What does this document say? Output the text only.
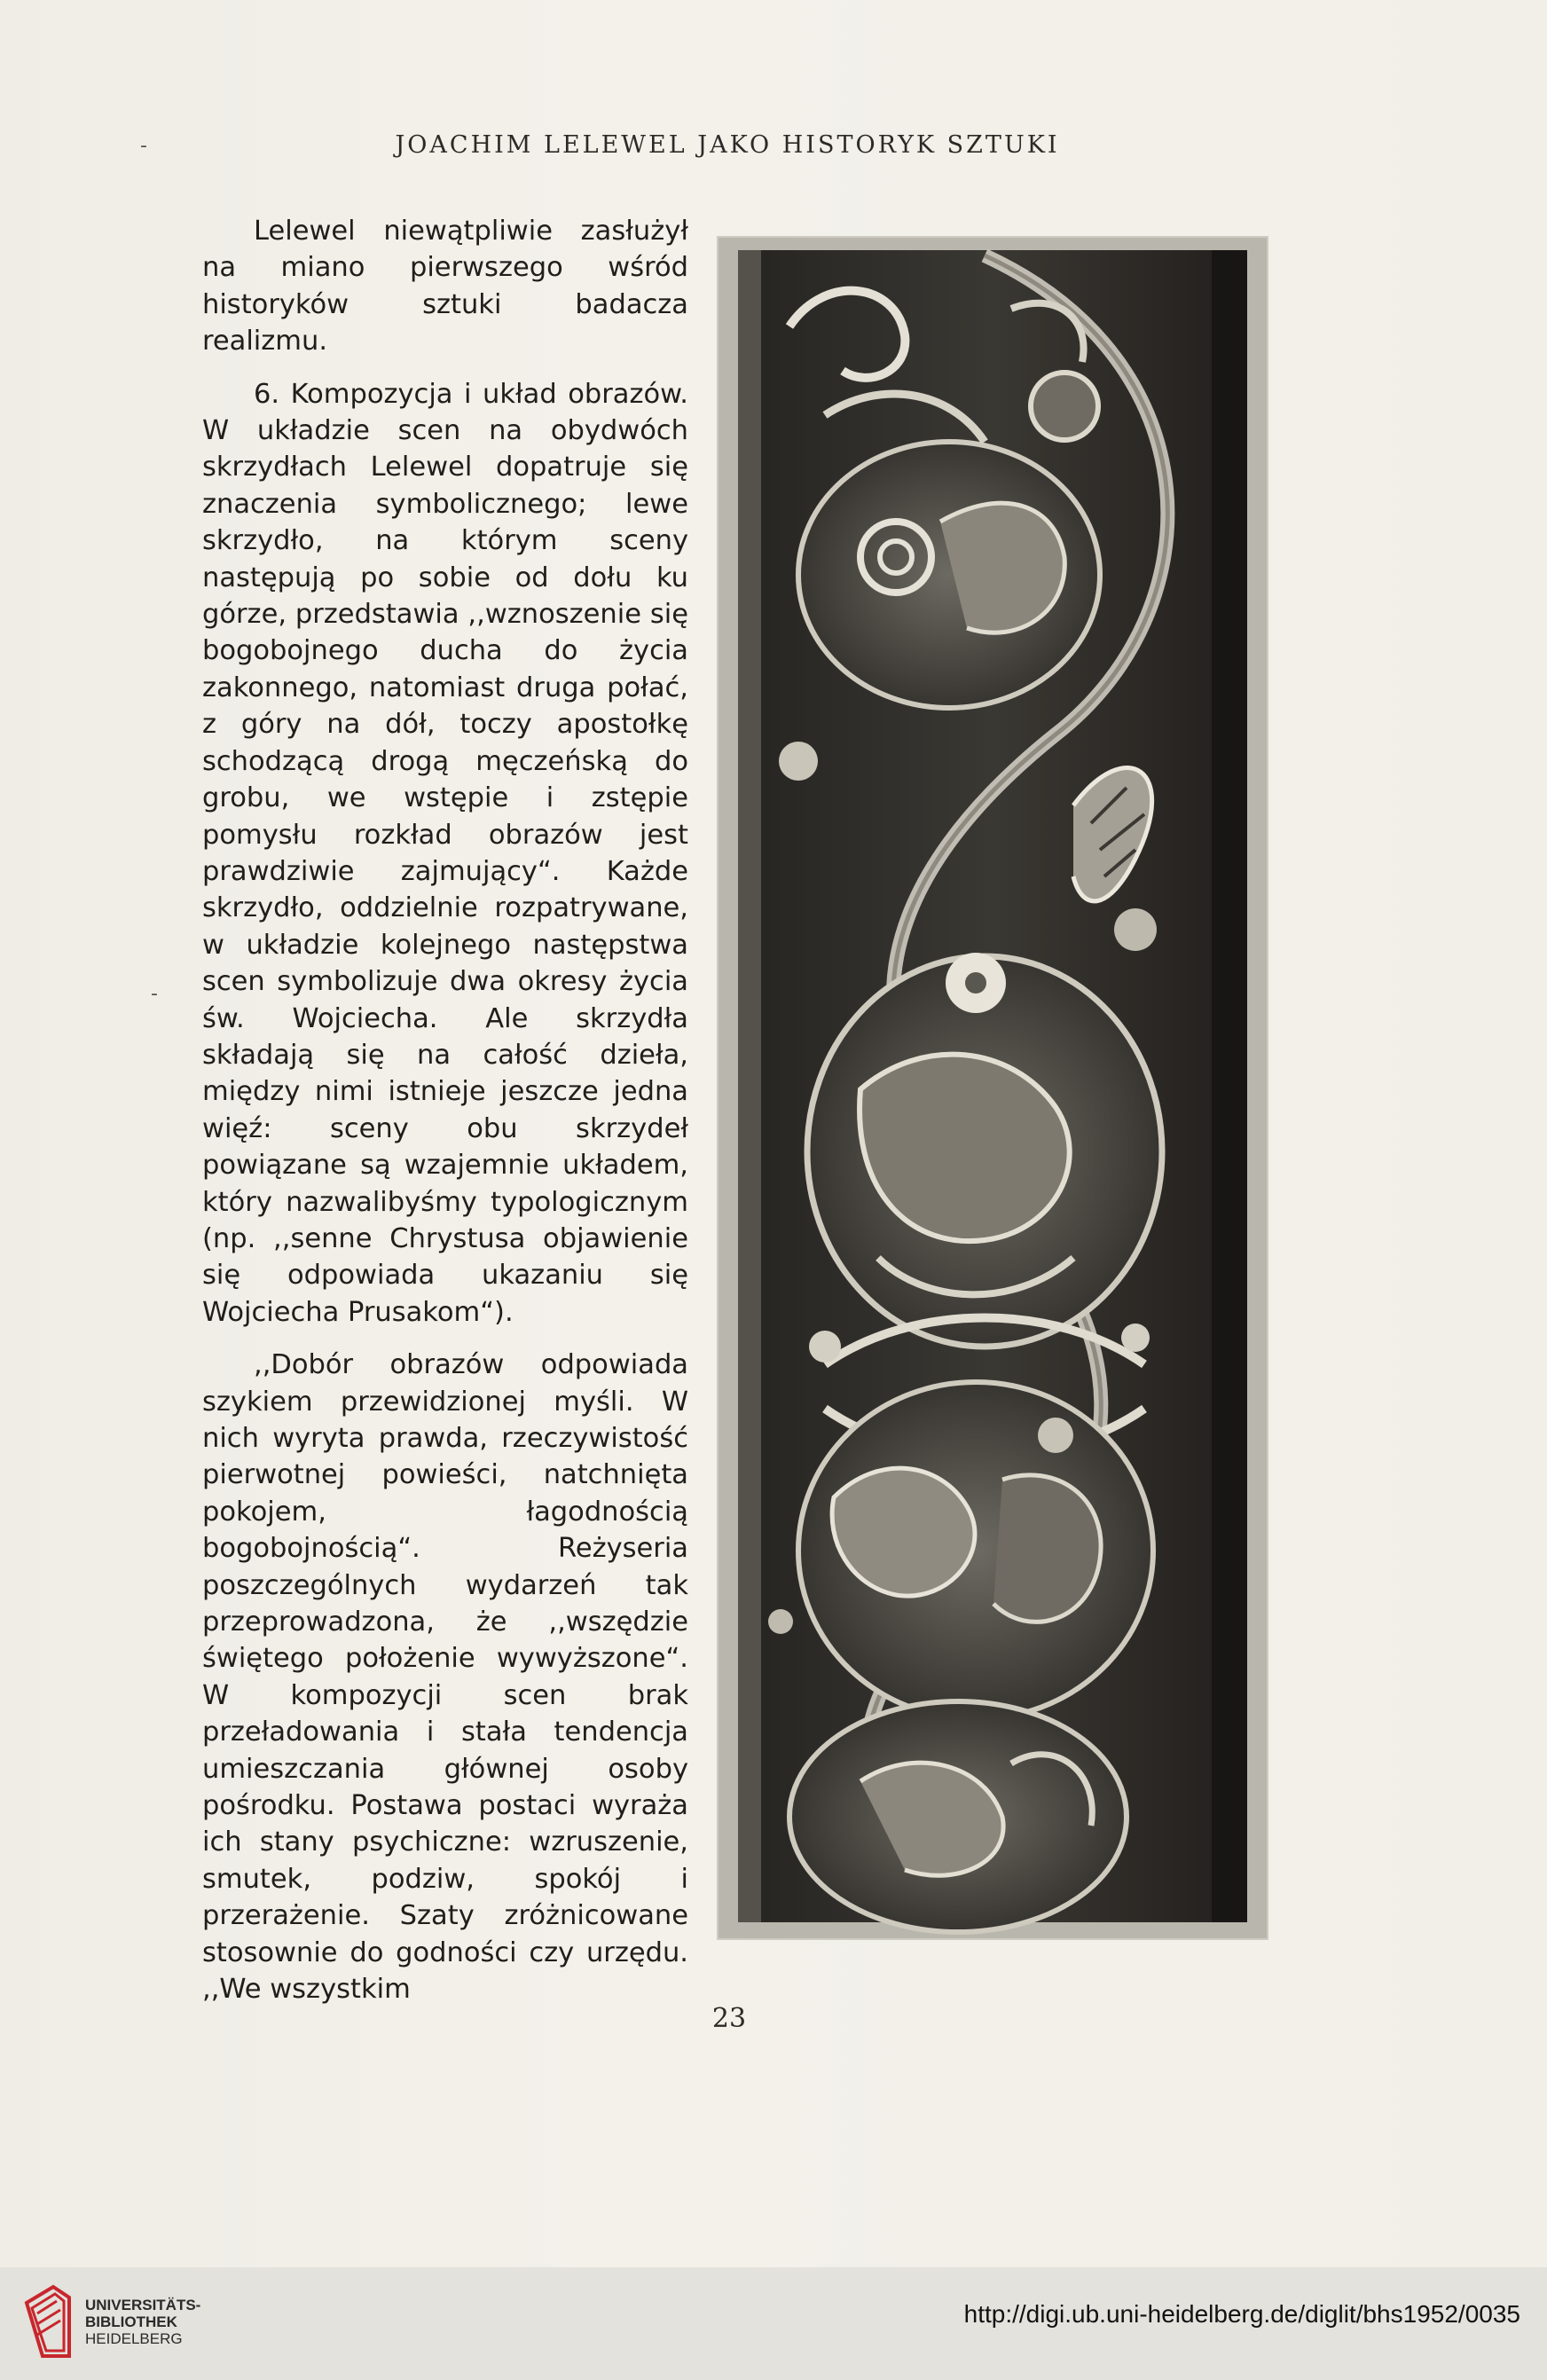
JOACHIM LELEWEL JAKO HISTORYK SZTUKI
-
-

Lelewel niewątpliwie zasłużył na miano pierwszego wśród historyków sztuki badacza realizmu.

6. Kompozycja i układ obrazów. W układzie scen na obydwóch skrzydłach Lelewel dopatruje się znaczenia symbolicznego; lewe skrzydło, na którym sceny następują po sobie od dołu ku górze, przedstawia ,,wznoszenie się bogobojnego ducha do życia zakonnego, natomiast druga połać, z góry na dół, toczy apostołkę schodzącą drogą męczeńską do grobu, we wstępie i zstępie pomysłu rozkład obrazów jest prawdziwie zajmujący“. Każde skrzydło, oddzielnie rozpatrywane, w układzie kolejnego następstwa scen symbolizuje dwa okresy życia św. Wojciecha. Ale skrzydła składają się na całość dzieła, między nimi istnieje jeszcze jedna więź: sceny obu skrzydeł powiązane są wzajemnie układem, który nazwalibyśmy typologicznym (np. ,,senne Chrystusa objawienie się odpowiada ukazaniu się Wojciecha Prusakom“).

,,Dobór obrazów odpowiada szykiem przewidzionej myśli. W nich wyryta prawda, rzeczywistość pierwotnej powieści, natchnięta pokojem, łagodnością bogobojnością“. Reżyseria poszczególnych wydarzeń tak przeprowadzona, że ,,wszędzie świętego położenie wywyższone“. W kompozycji scen brak przeładowania i stała tendencja umieszczania głównej osoby pośrodku. Postawa postaci wyraża ich stany psychiczne: wzruszenie, smutek, podziw, spokój i przerażenie. Szaty zróżnicowane stosownie do godności czy urzędu. ,,We wszystkim

23
UNIVERSITÄTS-
BIBLIOTHEK
HEIDELBERG
http://digi.ub.uni-heidelberg.de/diglit/bhs1952/0035
